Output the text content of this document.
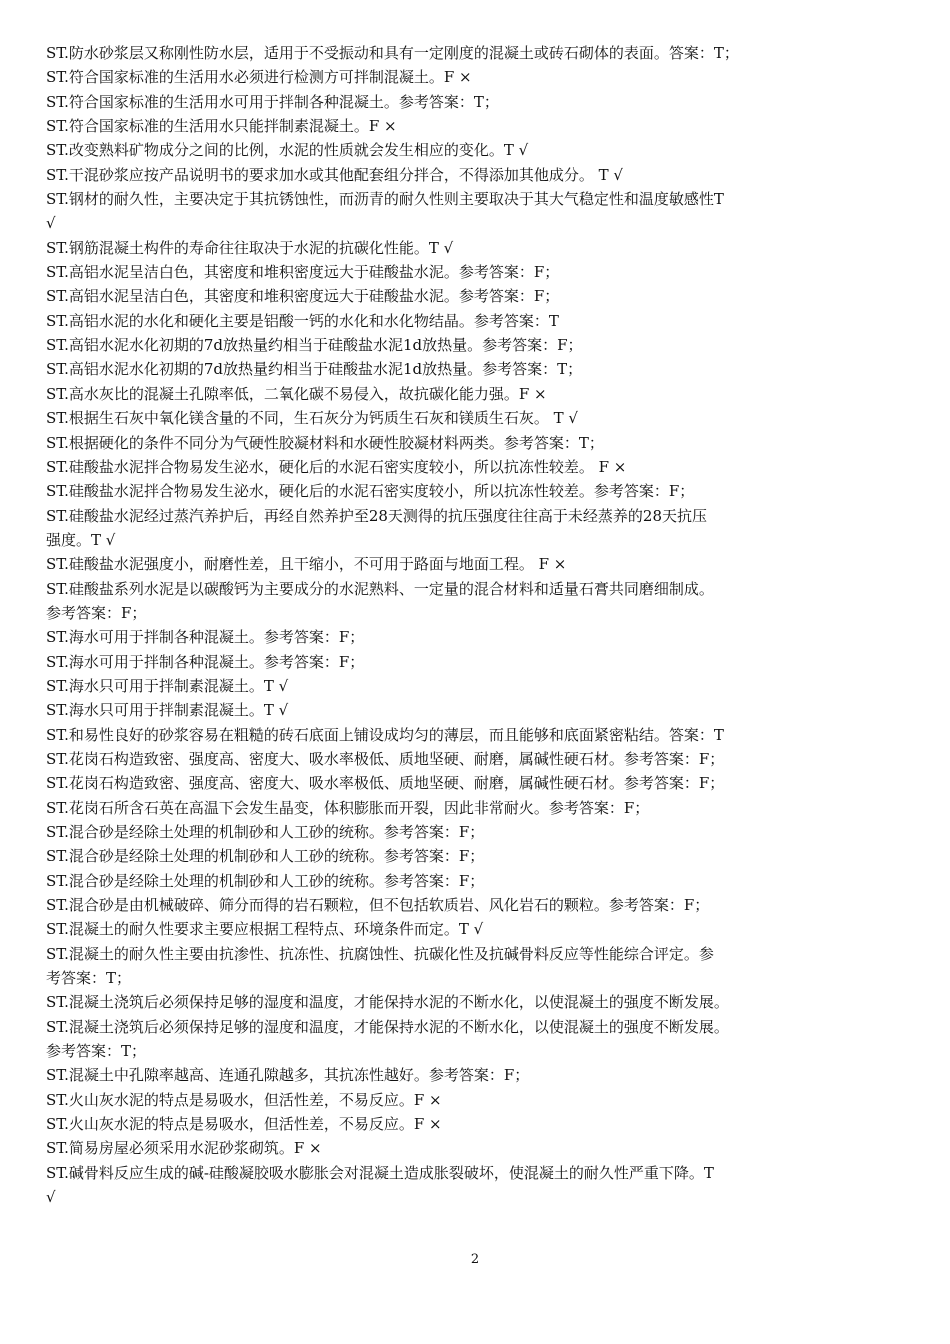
ST.防水砂浆层又称刚性防水层，适用于不受振动和具有一定刚度的混凝土或砖石砌体的表面。答案：T；
ST.符合国家标准的生活用水必须进行检测方可拌制混凝土。F ×
ST.符合国家标准的生活用水可用于拌制各种混凝土。参考答案：T；
ST.符合国家标准的生活用水只能拌制素混凝土。F ×
ST.改变熟料矿物成分之间的比例，水泥的性质就会发生相应的变化。T √
ST.干混砂浆应按产品说明书的要求加水或其他配套组分拌合，不得添加其他成分。 T √
ST.钢材的耐久性，主要决定于其抗锈蚀性，而沥青的耐久性则主要取决于其大气稳定性和温度敏感性T
√
ST.钢筋混凝土构件的寿命往往取决于水泥的抗碳化性能。T √
ST.高铝水泥呈洁白色，其密度和堆积密度远大于硅酸盐水泥。参考答案：F；
ST.高铝水泥呈洁白色，其密度和堆积密度远大于硅酸盐水泥。参考答案：F；
ST.高铝水泥的水化和硬化主要是铝酸一钙的水化和水化物结晶。参考答案：T
ST.高铝水泥水化初期的7d放热量约相当于硅酸盐水泥1d放热量。参考答案：F；
ST.高铝水泥水化初期的7d放热量约相当于硅酸盐水泥1d放热量。参考答案：T；
ST.高水灰比的混凝土孔隙率低，二氧化碳不易侵入，故抗碳化能力强。F ×
ST.根据生石灰中氧化镁含量的不同，生石灰分为钙质生石灰和镁质生石灰。 T √
ST.根据硬化的条件不同分为气硬性胶凝材料和水硬性胶凝材料两类。参考答案：T；
ST.硅酸盐水泥拌合物易发生泌水，硬化后的水泥石密实度较小，所以抗冻性较差。 F ×
ST.硅酸盐水泥拌合物易发生泌水，硬化后的水泥石密实度较小，所以抗冻性较差。参考答案：F；
ST.硅酸盐水泥经过蒸汽养护后，再经自然养护至28天测得的抗压强度往往高于未经蒸养的28天抗压
强度。T √
ST.硅酸盐水泥强度小，耐磨性差，且干缩小，不可用于路面与地面工程。 F ×
ST.硅酸盐系列水泥是以碳酸钙为主要成分的水泥熟料、一定量的混合材料和适量石膏共同磨细制成。
参考答案：F；
ST.海水可用于拌制各种混凝土。参考答案：F；
ST.海水可用于拌制各种混凝土。参考答案：F；
ST.海水只可用于拌制素混凝土。T √
ST.海水只可用于拌制素混凝土。T √
ST.和易性良好的砂浆容易在粗糙的砖石底面上铺设成均匀的薄层，而且能够和底面紧密粘结。答案：T
ST.花岗石构造致密、强度高、密度大、吸水率极低、质地坚硬、耐磨，属碱性硬石材。参考答案：F；
ST.花岗石构造致密、强度高、密度大、吸水率极低、质地坚硬、耐磨，属碱性硬石材。参考答案：F；
ST.花岗石所含石英在高温下会发生晶变，体积膨胀而开裂，因此非常耐火。参考答案：F；
ST.混合砂是经除土处理的机制砂和人工砂的统称。参考答案：F；
ST.混合砂是经除土处理的机制砂和人工砂的统称。参考答案：F；
ST.混合砂是经除土处理的机制砂和人工砂的统称。参考答案：F；
ST.混合砂是由机械破碎、筛分而得的岩石颗粒，但不包括软质岩、风化岩石的颗粒。参考答案：F；
ST.混凝土的耐久性要求主要应根据工程特点、环境条件而定。T √
ST.混凝土的耐久性主要由抗渗性、抗冻性、抗腐蚀性、抗碳化性及抗碱骨料反应等性能综合评定。参
考答案：T；
ST.混凝土浇筑后必须保持足够的湿度和温度，才能保持水泥的不断水化，以使混凝土的强度不断发展。
ST.混凝土浇筑后必须保持足够的湿度和温度，才能保持水泥的不断水化，以使混凝土的强度不断发展。
参考答案：T；
ST.混凝土中孔隙率越高、连通孔隙越多，其抗冻性越好。参考答案：F；
ST.火山灰水泥的特点是易吸水，但活性差，不易反应。F ×
ST.火山灰水泥的特点是易吸水，但活性差，不易反应。F ×
ST.简易房屋必须采用水泥砂浆砌筑。F ×
ST.碱骨料反应生成的碱-硅酸凝胶吸水膨胀会对混凝土造成胀裂破坏，使混凝土的耐久性严重下降。T
√
2
